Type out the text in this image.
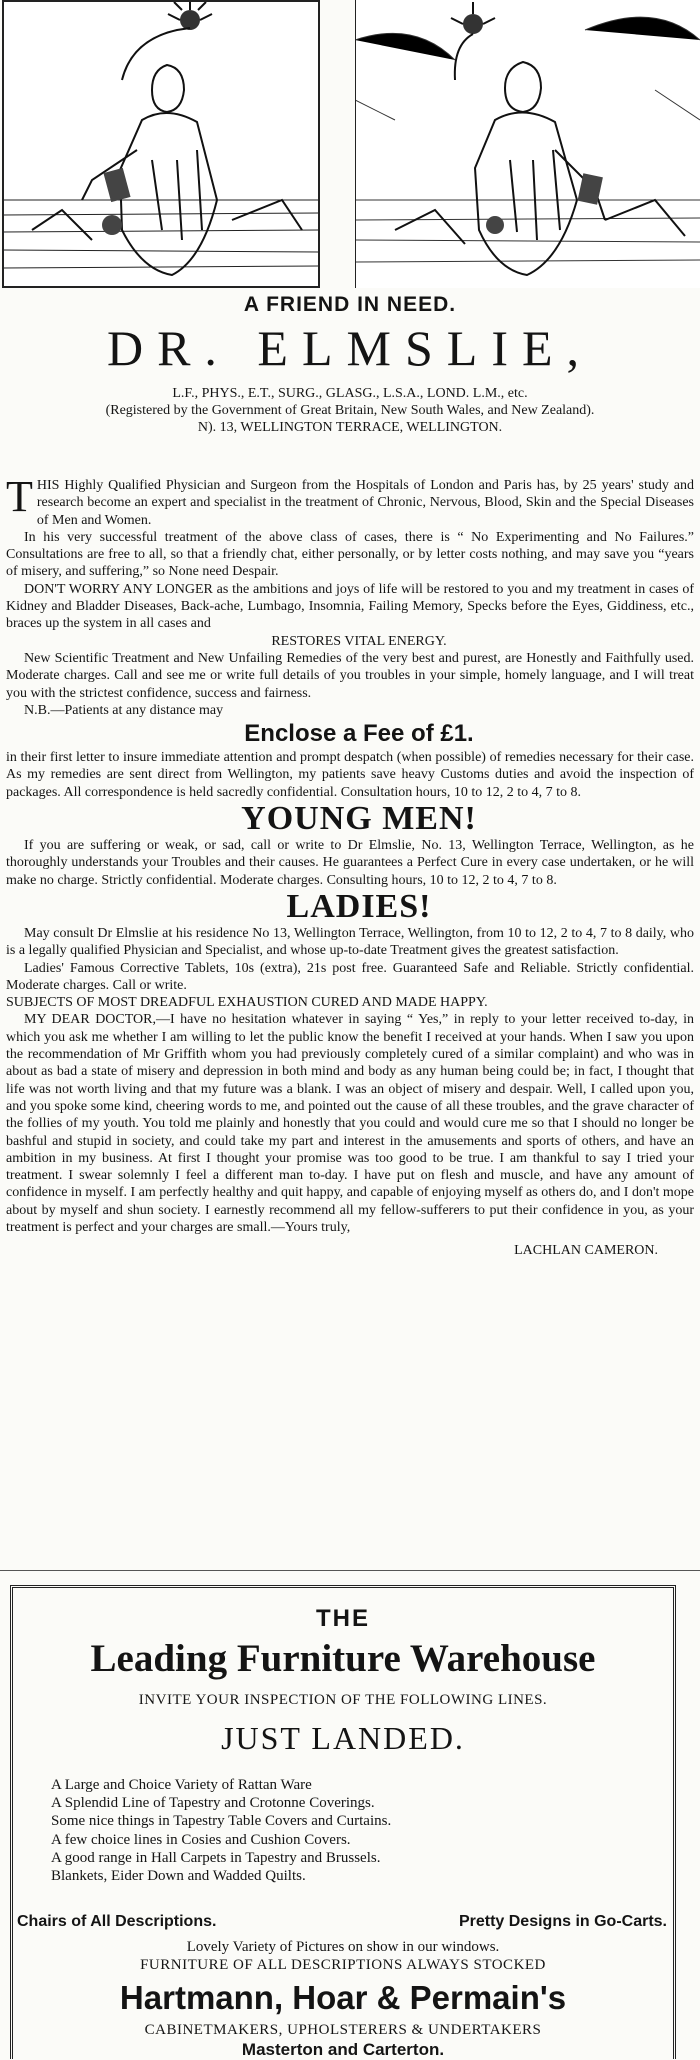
A FRIEND IN NEED.
DR. ELMSLIE,
L.F., PHYS., E.T., SURG., GLASG., L.S.A., LOND. L.M., etc.
(Registered by the Government of Great Britain, New South Wales, and New Zealand).
N). 13, WELLINGTON TERRACE, WELLINGTON.

THIS Highly Qualified Physician and Surgeon from the Hospitals of London and Paris has, by 25 years' study and research become an expert and specialist in the treatment of Chronic, Nervous, Blood, Skin and the Special Diseases of Men and Women.

In his very successful treatment of the above class of cases, there is “ No Experimenting and No Failures.” Consultations are free to all, so that a friendly chat, either personally, or by letter costs nothing, and may save you “years of misery, and suffering,” so None need Despair.

DON'T WORRY ANY LONGER as the ambitions and joys of life will be restored to you and my treatment in cases of Kidney and Bladder Diseases, Back-ache, Lumbago, Insomnia, Failing Memory, Specks before the Eyes, Giddiness, etc., braces up the system in all cases and

RESTORES VITAL ENERGY.

New Scientific Treatment and New Unfailing Remedies of the very best and purest, are Honestly and Faithfully used. Moderate charges. Call and see me or write full details of you troubles in your simple, homely language, and I will treat you with the strictest confidence, success and fairness.

N.B.—Patients at any distance may

Enclose a Fee of £1.

in their first letter to insure immediate attention and prompt despatch (when possible) of remedies necessary for their case. As my remedies are sent direct from Wellington, my patients save heavy Customs duties and avoid the inspection of packages. All correspondence is held sacredly confidential. Consultation hours, 10 to 12, 2 to 4, 7 to 8.

YOUNG MEN!

If you are suffering or weak, or sad, call or write to Dr Elmslie, No. 13, Wellington Terrace, Wellington, as he thoroughly understands your Troubles and their causes. He guarantees a Perfect Cure in every case undertaken, or he will make no charge. Strictly confidential. Moderate charges. Consulting hours, 10 to 12, 2 to 4, 7 to 8.

LADIES!

May consult Dr Elmslie at his residence No 13, Wellington Terrace, Wellington, from 10 to 12, 2 to 4, 7 to 8 daily, who is a legally qualified Physician and Specialist, and whose up-to-date Treatment gives the greatest satisfaction.

Ladies' Famous Corrective Tablets, 10s (extra), 21s post free. Guaranteed Safe and Reliable. Strictly confidential. Moderate charges. Call or write.

SUBJECTS OF MOST DREADFUL EXHAUSTION CURED AND MADE HAPPY.

MY DEAR DOCTOR,—I have no hesitation whatever in saying “ Yes,” in reply to your letter received to-day, in which you ask me whether I am willing to let the public know the benefit I received at your hands. When I saw you upon the recommendation of Mr Griffith whom you had previously completely cured of a similar complaint) and who was in about as bad a state of misery and depression in both mind and body as any human being could be; in fact, I thought that life was not worth living and that my future was a blank. I was an object of misery and despair. Well, I called upon you, and you spoke some kind, cheering words to me, and pointed out the cause of all these troubles, and the grave character of the follies of my youth. You told me plainly and honestly that you could and would cure me so that I should no longer be bashful and stupid in society, and could take my part and interest in the amusements and sports of others, and have an ambition in my business. At first I thought your promise was too good to be true. I am thankful to say I tried your treatment. I swear solemnly I feel a different man to-day. I have put on flesh and muscle, and have any amount of confidence in myself. I am perfectly healthy and quit happy, and capable of enjoying myself as others do, and I don't mope about by myself and shun society. I earnestly recommend all my fellow-sufferers to put their confidence in you, as your treatment is perfect and your charges are small.—Yours truly,

LACHLAN CAMERON.
THE
Leading Furniture Warehouse
INVITE YOUR INSPECTION OF THE FOLLOWING LINES.
JUST LANDED.
A Large and Choice Variety of Rattan Ware
A Splendid Line of Tapestry and Crotonne Coverings.
Some nice things in Tapestry Table Covers and Curtains.
A few choice lines in Cosies and Cushion Covers.
A good range in Hall Carpets in Tapestry and Brussels.
Blankets, Eider Down and Wadded Quilts.
Chairs of All Descriptions.	Pretty Designs in Go-Carts.
Lovely Variety of Pictures on show in our windows.
FURNITURE OF ALL DESCRIPTIONS ALWAYS STOCKED
Hartmann, Hoar & Permain's
CABINETMAKERS, UPHOLSTERERS & UNDERTAKERS
Masterton and Carterton.
